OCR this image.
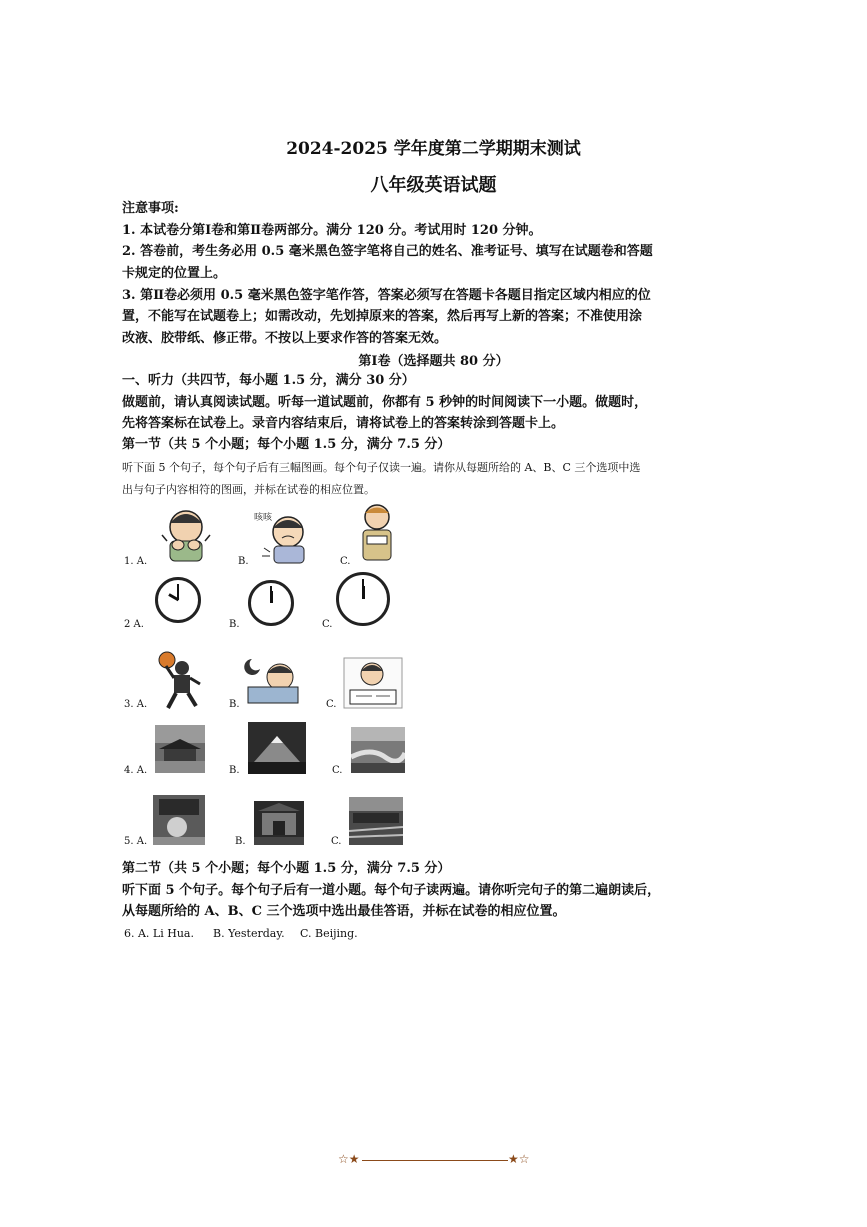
2024-2025 学年度第二学期期末测试
八年级英语试题
注意事项:
1. 本试卷分第Ⅰ卷和第Ⅱ卷两部分。满分 120 分。考试用时 120 分钟。
2. 答卷前，考生务必用 0.5 毫米黑色签字笔将自己的姓名、准考证号、填写在试题卷和答题
卡规定的位置上。
3. 第Ⅱ卷必须用 0.5 毫米黑色签字笔作答，答案必须写在答题卡各题目指定区域内相应的位
置，不能写在试题卷上；如需改动，先划掉原来的答案，然后再写上新的答案；不准使用涂
改液、胶带纸、修正带。不按以上要求作答的答案无效。
第Ⅰ卷（选择题共 80 分）
一、听力（共四节，每小题 1.5 分，满分 30 分）
做题前，请认真阅读试题。听每一道试题前，你都有 5 秒钟的时间阅读下一小题。做题时，
先将答案标在试卷上。录音内容结束后，请将试卷上的答案转涂到答题卡上。
第一节（共 5 个小题；每个小题 1.5 分，满分 7.5 分）
听下面 5 个句子，每个句子后有三幅图画。每个句子仅读一遍。请你从每题所给的 A、B、C 三个选项中选
出与句子内容相符的图画，并标在试卷的相应位置。
1. A.	B.	C.
咳咳
2 A.	B.	C.
3. A.	B.	C.
4. A.	B.	C.
5. A.	B.	C.
第二节（共 5 个小题；每个小题 1.5 分，满分 7.5 分）
听下面 5 个句子。每个句子后有一道小题。每个句子读两遍。请你听完句子的第二遍朗读后，
从每题所给的 A、B、C 三个选项中选出最佳答语，并标在试卷的相应位置。
6. A. Li Hua. B. Yesterday. C. Beijing.
☆★	★☆
